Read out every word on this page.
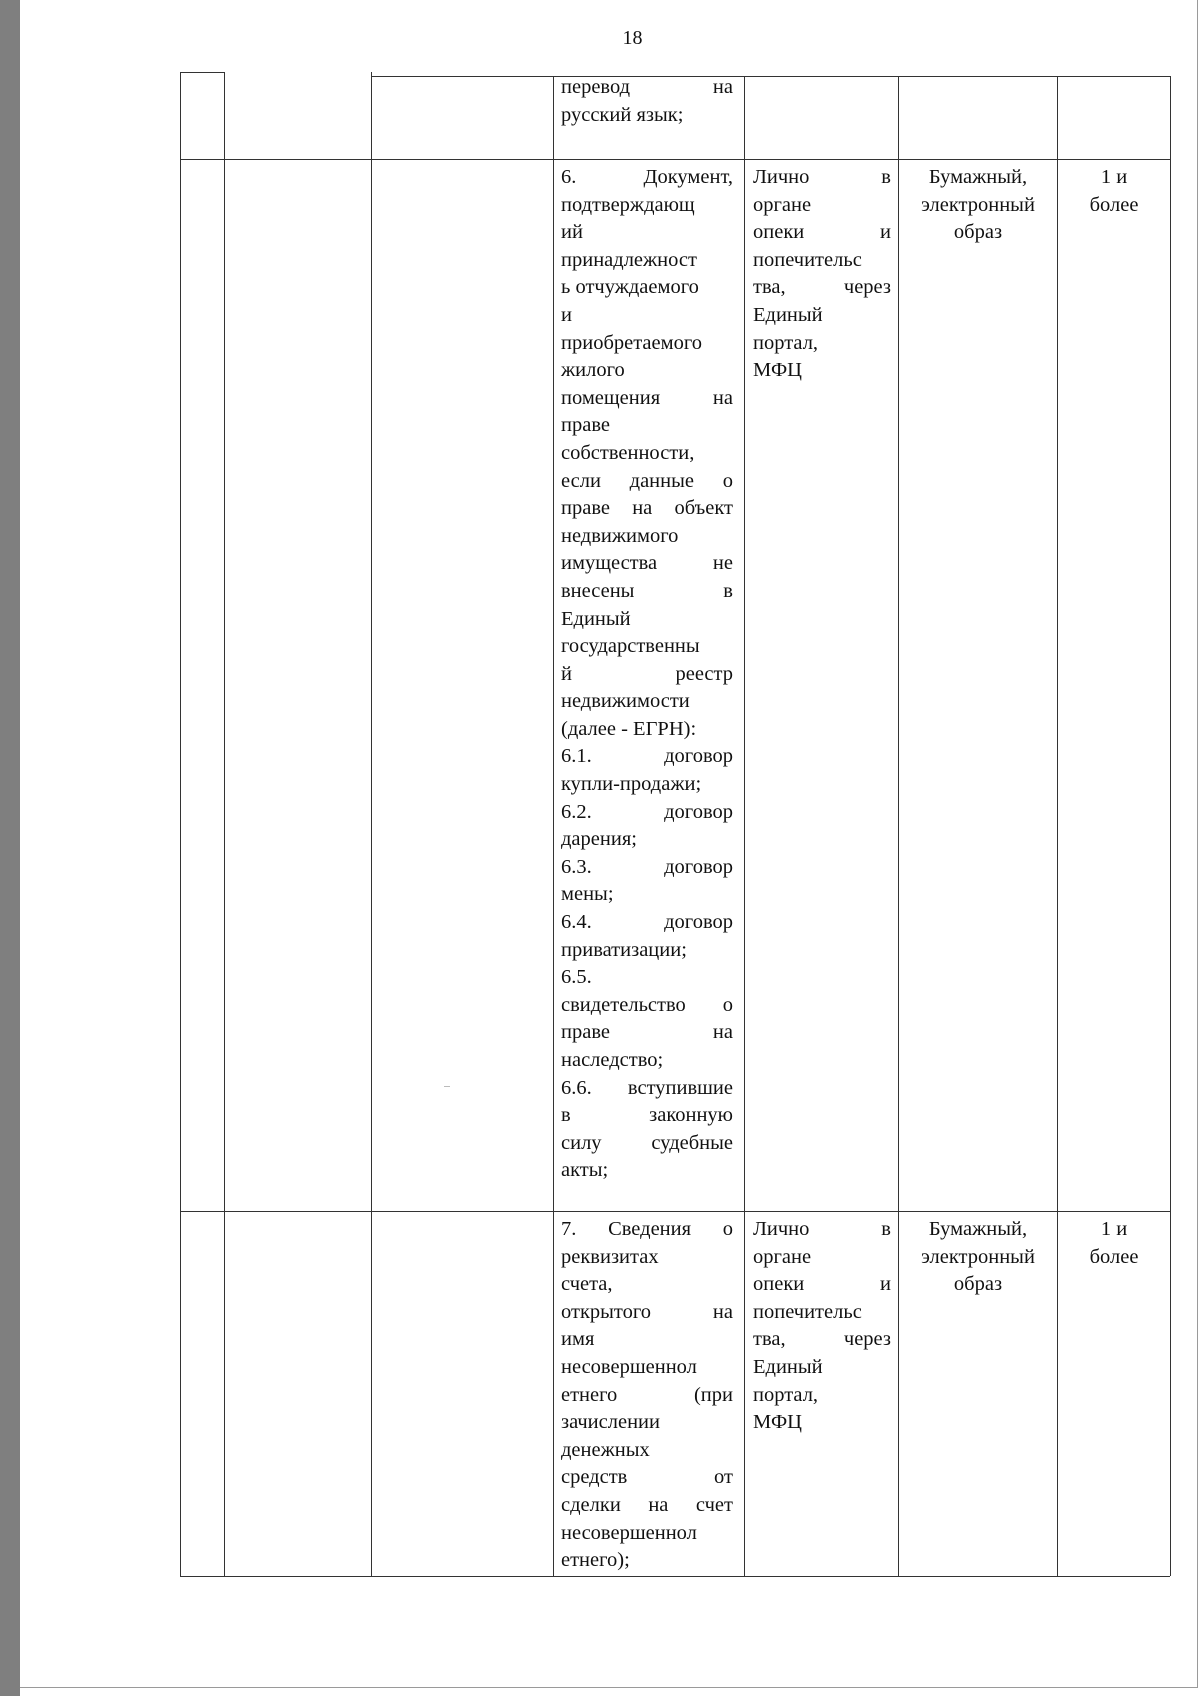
18
перевод на
русский язык;
6. Документ,
подтверждающ
ий
принадлежност
ь отчуждаемого
и
приобретаемого
жилого
помещения на
праве
собственности,
если данные о
праве на объект
недвижимого
имущества не
внесены в
Единый
государственны
й реестр
недвижимости
(далее - ЕГРН):
6.1. договор
купли-продажи;
6.2. договор
дарения;
6.3. договор
мены;
6.4. договор
приватизации;
6.5.
свидетельство о
праве на
наследство;
6.6. вступившие
в законную
силу судебные
акты;
Лично в
органе
опеки и
попечительс
тва, через
Единый
портал,
МФЦ
Бумажный,
электронный
образ
1 и
более
7. Сведения о
реквизитах
счета,
открытого на
имя
несовершеннол
етнего (при
зачислении
денежных
средств от
сделки на счет
несовершеннол
етнего);
Лично в
органе
опеки и
попечительс
тва, через
Единый
портал,
МФЦ
Бумажный,
электронный
образ
1 и
более
